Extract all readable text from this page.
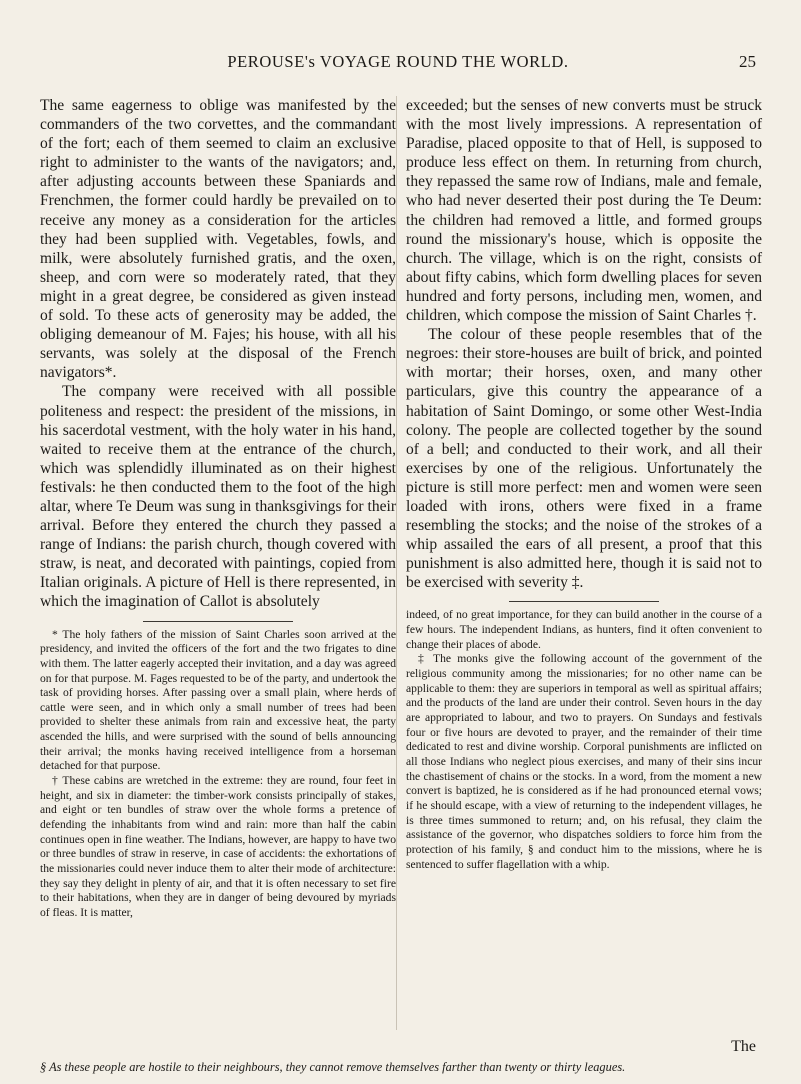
PEROUSE's VOYAGE ROUND THE WORLD.	25

The same eagerness to oblige was manifested by the commanders of the two corvettes, and the commandant of the fort; each of them seemed to claim an exclusive right to administer to the wants of the navigators; and, after adjusting accounts between these Spaniards and Frenchmen, the former could hardly be prevailed on to receive any money as a consideration for the articles they had been supplied with. Vegetables, fowls, and milk, were absolutely furnished gratis, and the oxen, sheep, and corn were so moderately rated, that they might in a great degree, be considered as given instead of sold. To these acts of generosity may be added, the obliging demeanour of M. Fajes; his house, with all his servants, was solely at the disposal of the French navigators*.

The company were received with all possible politeness and respect: the president of the missions, in his sacerdotal vestment, with the holy water in his hand, waited to receive them at the entrance of the church, which was splendidly illuminated as on their highest festivals: he then conducted them to the foot of the high altar, where Te Deum was sung in thanksgivings for their arrival. Before they entered the church they passed a range of Indians: the parish church, though covered with straw, is neat, and decorated with paintings, copied from Italian originals. A picture of Hell is there represented, in which the imagination of Callot is absolutely

* The holy fathers of the mission of Saint Charles soon arrived at the presidency, and invited the officers of the fort and the two frigates to dine with them. The latter eagerly accepted their invitation, and a day was agreed on for that purpose. M. Fages requested to be of the party, and undertook the task of providing horses. After passing over a small plain, where herds of cattle were seen, and in which only a small number of trees had been provided to shelter these animals from rain and excessive heat, the party ascended the hills, and were surprised with the sound of bells announcing their arrival; the monks having received intelligence from a horseman detached for that purpose.

† These cabins are wretched in the extreme: they are round, four feet in height, and six in diameter: the timber-work consists principally of stakes, and eight or ten bundles of straw over the whole forms a pretence of defending the inhabitants from wind and rain: more than half the cabin continues open in fine weather. The Indians, however, are happy to have two or three bundles of straw in reserve, in case of accidents: the exhortations of the missionaries could never induce them to alter their mode of architecture: they say they delight in plenty of air, and that it is often necessary to set fire to their habitations, when they are in danger of being devoured by myriads of fleas. It is matter,

exceeded; but the senses of new converts must be struck with the most lively impressions. A representation of Paradise, placed opposite to that of Hell, is supposed to produce less effect on them. In returning from church, they repassed the same row of Indians, male and female, who had never deserted their post during the Te Deum: the children had removed a little, and formed groups round the missionary's house, which is opposite the church. The village, which is on the right, consists of about fifty cabins, which form dwelling places for seven hundred and forty persons, including men, women, and children, which compose the mission of Saint Charles †.

The colour of these people resembles that of the negroes: their store-houses are built of brick, and pointed with mortar; their horses, oxen, and many other particulars, give this country the appearance of a habitation of Saint Domingo, or some other West-India colony. The people are collected together by the sound of a bell; and conducted to their work, and all their exercises by one of the religious. Unfortunately the picture is still more perfect: men and women were seen loaded with irons, others were fixed in a frame resembling the stocks; and the noise of the strokes of a whip assailed the ears of all present, a proof that this punishment is also admitted here, though it is said not to be exercised with severity ‡.

indeed, of no great importance, for they can build another in the course of a few hours. The independent Indians, as hunters, find it often convenient to change their places of abode.

‡ The monks give the following account of the government of the religious community among the missionaries; for no other name can be applicable to them: they are superiors in temporal as well as spiritual affairs; and the products of the land are under their control. Seven hours in the day are appropriated to labour, and two to prayers. On Sundays and festivals four or five hours are devoted to prayer, and the remainder of their time dedicated to rest and divine worship. Corporal punishments are inflicted on all those Indians who neglect pious exercises, and many of their sins incur the chastisement of chains or the stocks. In a word, from the moment a new convert is baptized, he is considered as if he had pronounced eternal vows; if he should escape, with a view of returning to the independent villages, he is three times summoned to return; and, on his refusal, they claim the assistance of the governor, who dispatches soldiers to force him from the protection of his family, § and conduct him to the missions, where he is sentenced to suffer flagellation with a whip.

The
§ As these people are hostile to their neighbours, they cannot remove themselves farther than twenty or thirty leagues.
